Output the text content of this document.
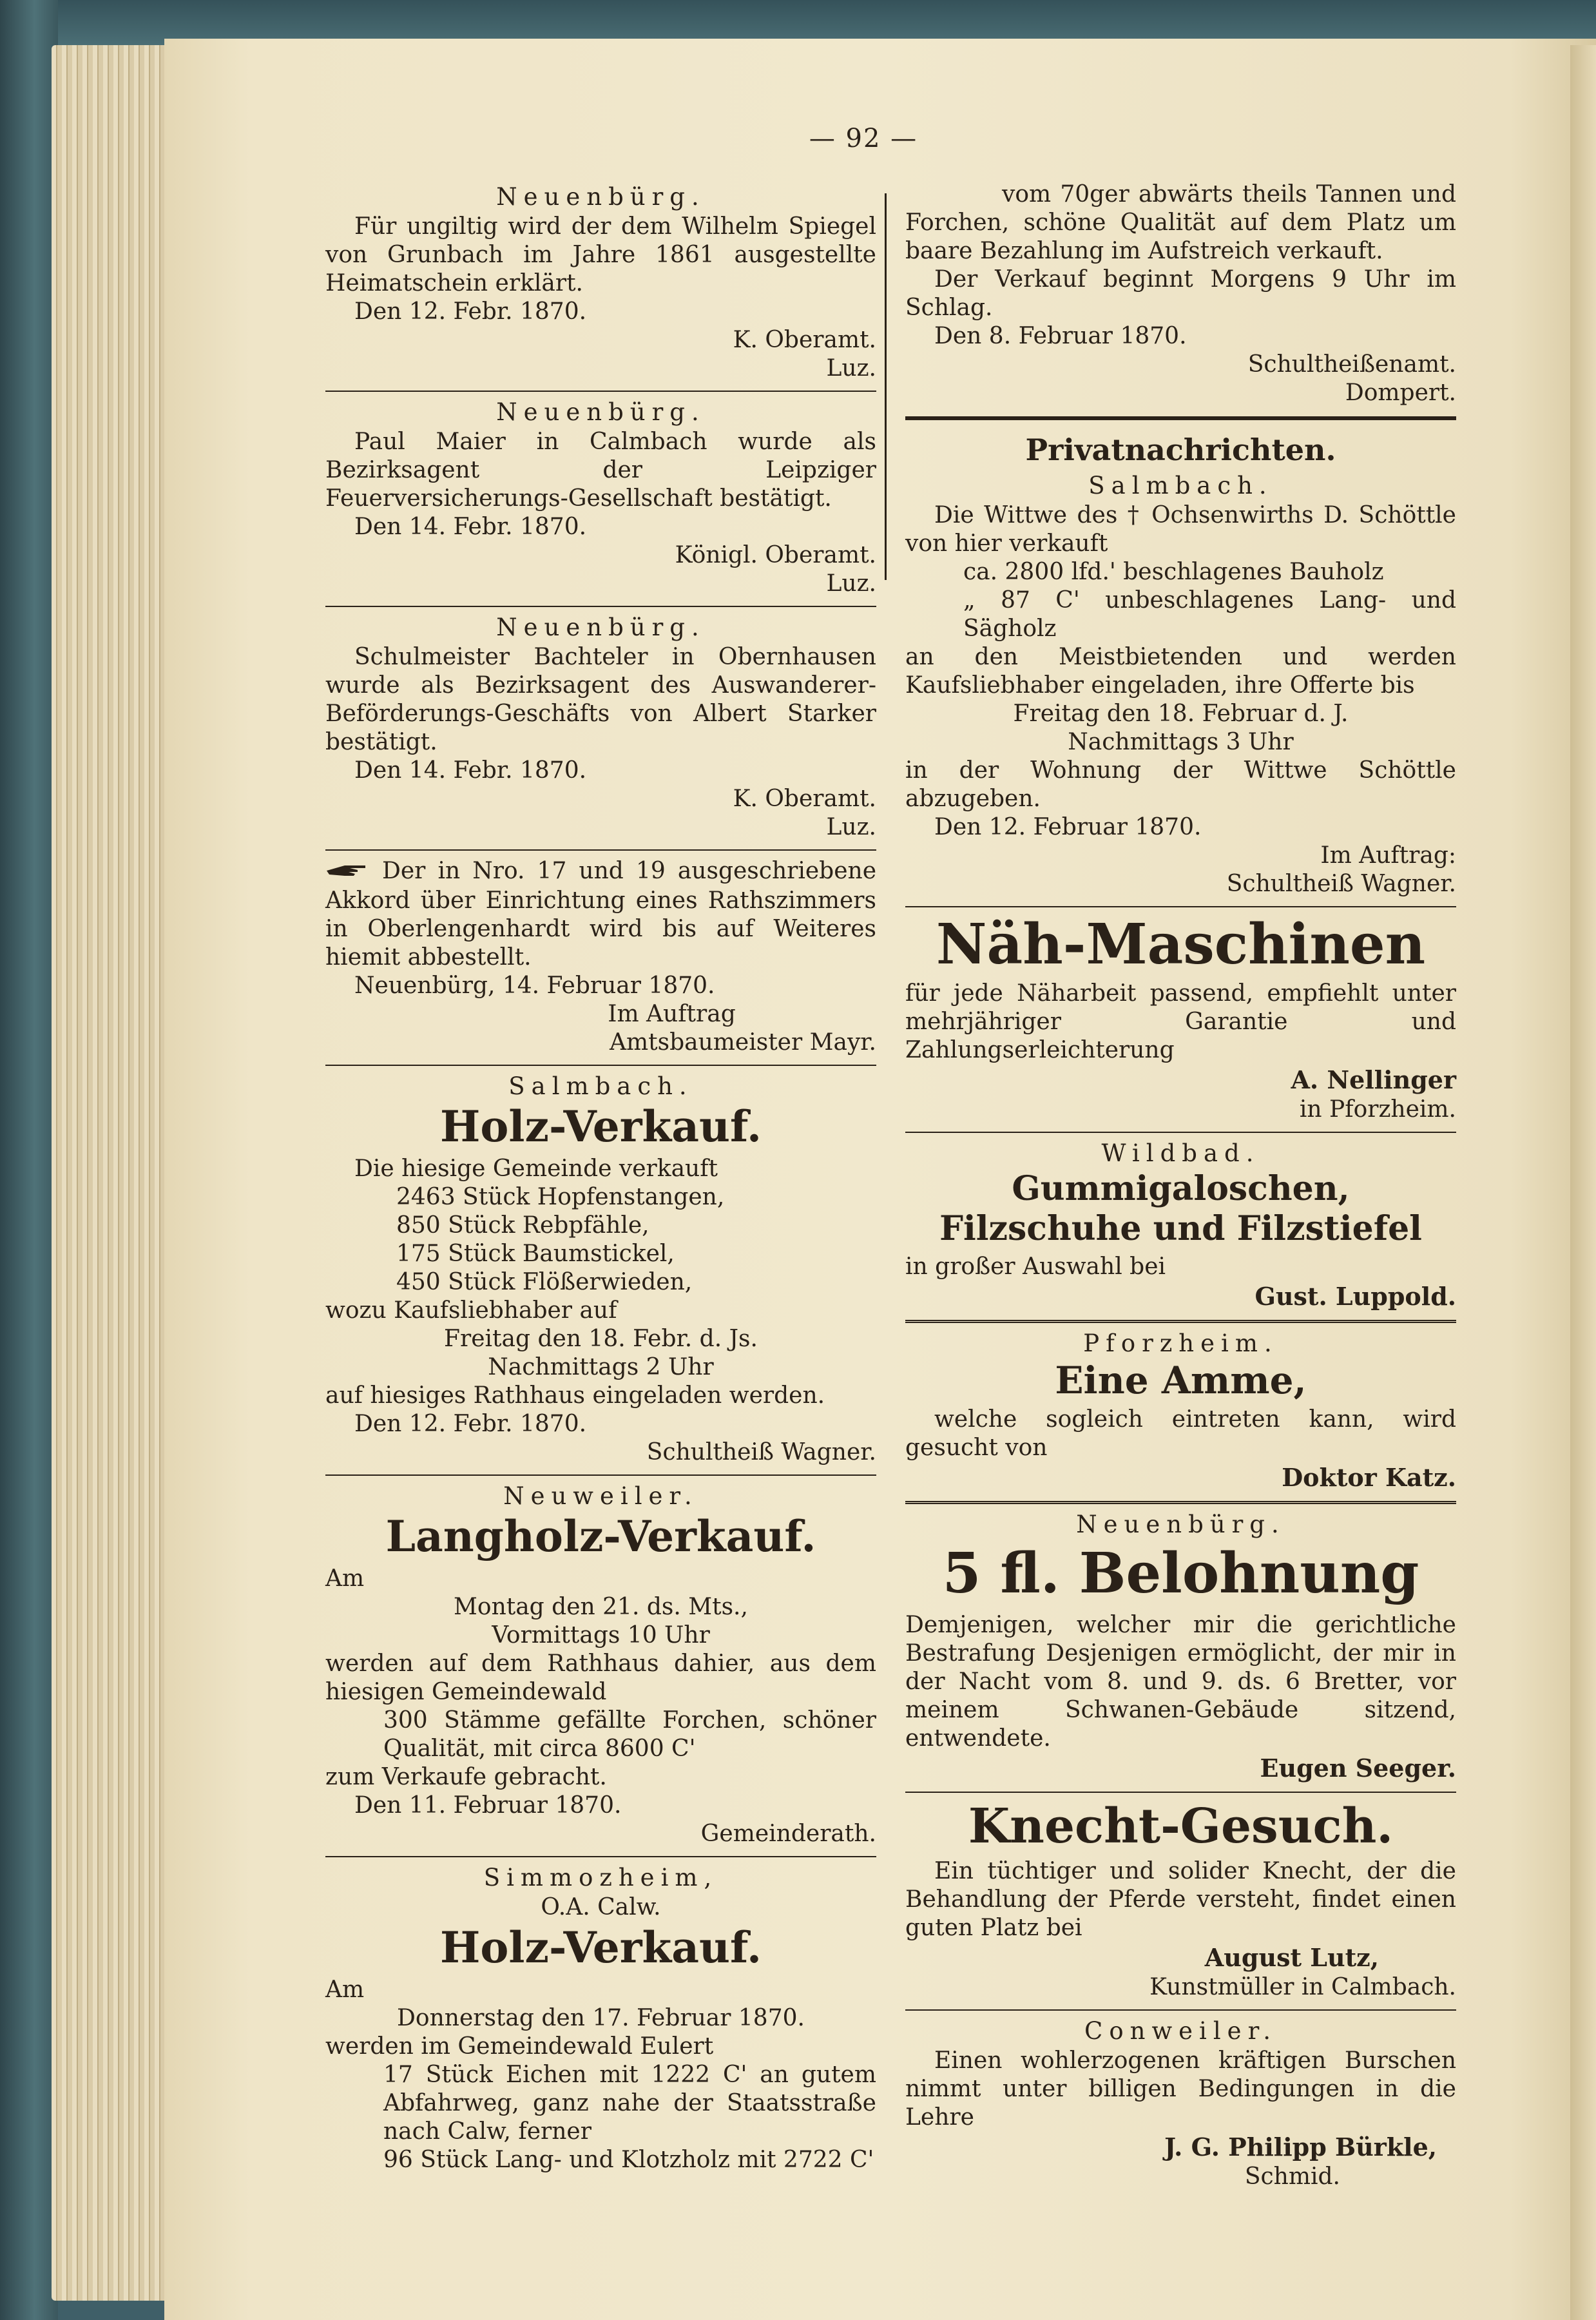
— 92 —
Neuenbürg.

Für ungiltig wird der dem Wilhelm Spiegel von Grunbach im Jahre 1861 ausgestellte Heimatschein erklärt.

Den 12. Febr. 1870.

K. Oberamt.

Luz.

Neuenbürg.

Paul Maier in Calmbach wurde als Bezirksagent der Leipziger Feuerversicherungs-Gesellschaft bestätigt.

Den 14. Febr. 1870.

Königl. Oberamt.

Luz.

Neuenbürg.

Schulmeister Bachteler in Obernhausen wurde als Bezirksagent des Auswanderer-Beförderungs-Geschäfts von Albert Starker bestätigt.

Den 14. Febr. 1870.

K. Oberamt.

Luz.

Der in Nro. 17 und 19 ausgeschriebene Akkord über Einrichtung eines Rathszimmers in Oberlengenhardt wird bis auf Weiteres hiemit abbestellt.

Neuenbürg, 14. Februar 1870.

Im Auftrag

Amtsbaumeister Mayr.

Salmbach.
Holz-Verkauf.

Die hiesige Gemeinde verkauft

2463 Stück Hopfenstangen,

850 Stück Rebpfähle,

175 Stück Baumstickel,

450 Stück Flößerwieden,

wozu Kaufsliebhaber auf

Freitag den 18. Febr. d. Js.

Nachmittags 2 Uhr

auf hiesiges Rathhaus eingeladen werden.

Den 12. Febr. 1870.

Schultheiß Wagner.

Neuweiler.
Langholz-Verkauf.

Am

Montag den 21. ds. Mts.,

Vormittags 10 Uhr

werden auf dem Rathhaus dahier, aus dem hiesigen Gemeindewald

300 Stämme gefällte Forchen, schöner Qualität, mit circa 8600 C'

zum Verkaufe gebracht.

Den 11. Februar 1870.

Gemeinderath.

Simmozheim,
O.A. Calw.
Holz-Verkauf.

Am

Donnerstag den 17. Februar 1870.

werden im Gemeindewald Eulert

17 Stück Eichen mit 1222 C' an gutem Abfahrweg, ganz nahe der Staatsstraße nach Calw, ferner

96 Stück Lang- und Klotzholz mit 2722 C'

vom 70ger abwärts theils Tannen und Forchen, schöne Qualität auf dem Platz um baare Bezahlung im Aufstreich verkauft.

Der Verkauf beginnt Morgens 9 Uhr im Schlag.

Den 8. Februar 1870.

Schultheißenamt.

Dompert.

Privatnachrichten.
Salmbach.

Die Wittwe des † Ochsenwirths D. Schöttle von hier verkauft

ca. 2800 lfd.' beschlagenes Bauholz

„ 87 C' unbeschlagenes Lang- und Sägholz

an den Meistbietenden und werden Kaufsliebhaber eingeladen, ihre Offerte bis

Freitag den 18. Februar d. J.

Nachmittags 3 Uhr

in der Wohnung der Wittwe Schöttle abzugeben.

Den 12. Februar 1870.

Im Auftrag:

Schultheiß Wagner.

Näh-Maschinen

für jede Näharbeit passend, empfiehlt unter mehrjähriger Garantie und Zahlungserleichterung

A. Nellinger

in Pforzheim.

Wildbad.
Gummigaloschen, Filzschuhe und Filzstiefel

in großer Auswahl bei

Gust. Luppold.

Pforzheim.
Eine Amme,

welche sogleich eintreten kann, wird gesucht von

Doktor Katz.

Neuenbürg.
5 fl. Belohnung

Demjenigen, welcher mir die gerichtliche Bestrafung Desjenigen ermöglicht, der mir in der Nacht vom 8. und 9. ds. 6 Bretter, vor meinem Schwanen-Gebäude sitzend, entwendete.

Eugen Seeger.

Knecht-Gesuch.

Ein tüchtiger und solider Knecht, der die Behandlung der Pferde versteht, findet einen guten Platz bei

August Lutz,

Kunstmüller in Calmbach.

Conweiler.

Einen wohlerzogenen kräftigen Burschen nimmt unter billigen Bedingungen in die Lehre

J. G. Philipp Bürkle,

Schmid.
